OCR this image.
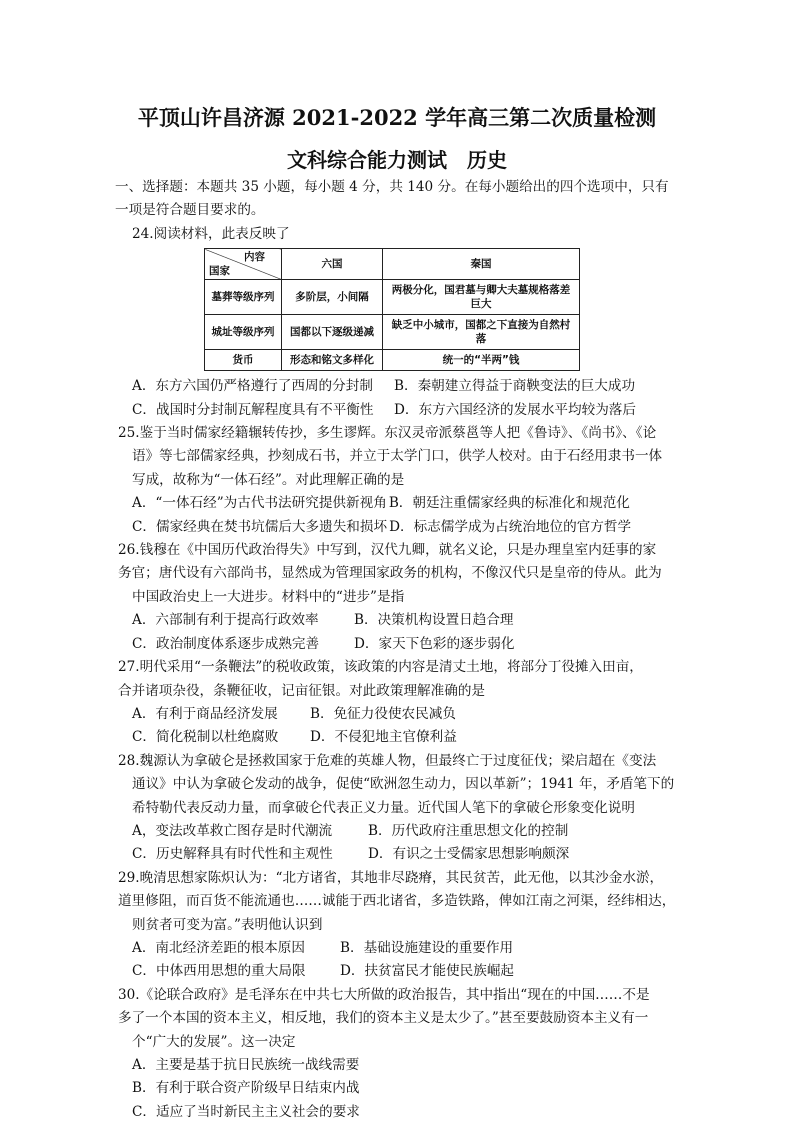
平顶山许昌济源 2021-2022 学年高三第二次质量检测
文科综合能力测试　历史

一、选择题：本题共 35 小题，每小题 4 分，共 140 分。在每小题给出的四个选项中，只有

一项是符合题目要求的。

24.阅读材料，此表反映了

内容
国家	六国	秦国
墓葬等级序列	多阶层，小间隔	两极分化，国君墓与卿大夫墓规格落差巨大
城址等级序列	国都以下逐级递减	缺乏中小城市，国都之下直接为自然村落
货币	形态和铭文多样化	统一的“半两”钱
A．东方六国仍严格遵行了西周的分封制	B．秦朝建立得益于商鞅变法的巨大成功
C．战国时分封制瓦解程度具有不平衡性	D．东方六国经济的发展水平均较为落后

25.鉴于当时儒家经籍辗转传抄，多生谬辉。东汉灵帝派蔡邕等人把《鲁诗》、《尚书》、《论

语》等七部儒家经典，抄刻成石书，并立于太学门口，供学人校对。由于石经用隶书一体

写成，故称为“一体石经”。对此理解正确的是

A．“一体石经”为古代书法研究提供新视角 B．朝廷注重儒家经典的标准化和规范化
C．儒家经典在焚书坑儒后大多遗失和损坏 D．标志儒学成为占统治地位的官方哲学

26.钱穆在《中国历代政治得失》中写到，汉代九卿，就名义论，只是办理皇室内廷事的家

务官；唐代设有六部尚书，显然成为管理国家政务的机构，不像汉代只是皇帝的侍从。此为

中国政治史上一大进步。材料中的“进步”是指

A．六部制有利于提高行政效率	B．决策机构设置日趋合理
C．政治制度体系逐步成熟完善	D．家天下色彩的逐步弱化

27.明代采用“一条鞭法”的税收政策，该政策的内容是清丈土地，将部分丁役摊入田亩，

合并诸项杂役，条鞭征收，记亩征银。对此政策理解准确的是

A．有利于商品经济发展	B．免征力役使农民减负
C．简化税制以杜绝腐败	D．不侵犯地主官僚利益

28.魏源认为拿破仑是拯救国家于危难的英雄人物，但最终亡于过度征伐；梁启超在《变法

通议》中认为拿破仑发动的战争，促使“欧洲忽生动力，因以革新”；1941 年，矛盾笔下的

希特勒代表反动力量，而拿破仑代表正义力量。近代国人笔下的拿破仑形象变化说明

A，变法改革救亡图存是时代潮流	B．历代政府注重思想文化的控制
C．历史解释具有时代性和主观性	D．有识之士受儒家思想影响颇深

29.晚清思想家陈炽认为：“北方诸省，其地非尽跷瘠，其民贫苦，此无他，以其沙金水淤，

道里修阻，而百货不能流通也……诚能于西北诸省，多造铁路，俾如江南之河渠，经纬相达，

则贫者可变为富。”表明他认识到

A．南北经济差距的根本原因	B．基础设施建设的重要作用
C．中体西用思想的重大局限	D．扶贫富民才能使民族崛起

30.《论联合政府》是毛泽东在中共七大所做的政治报告，其中指出“现在的中国……不是

多了一个本国的资本主义，相反地，我们的资本主义是太少了。”甚至要鼓励资本主义有一

个“广大的发展”。这一决定

A．主要是基于抗日民族统一战线需要

B．有利于联合资产阶级早日结束内战

C．适应了当时新民主主义社会的要求
